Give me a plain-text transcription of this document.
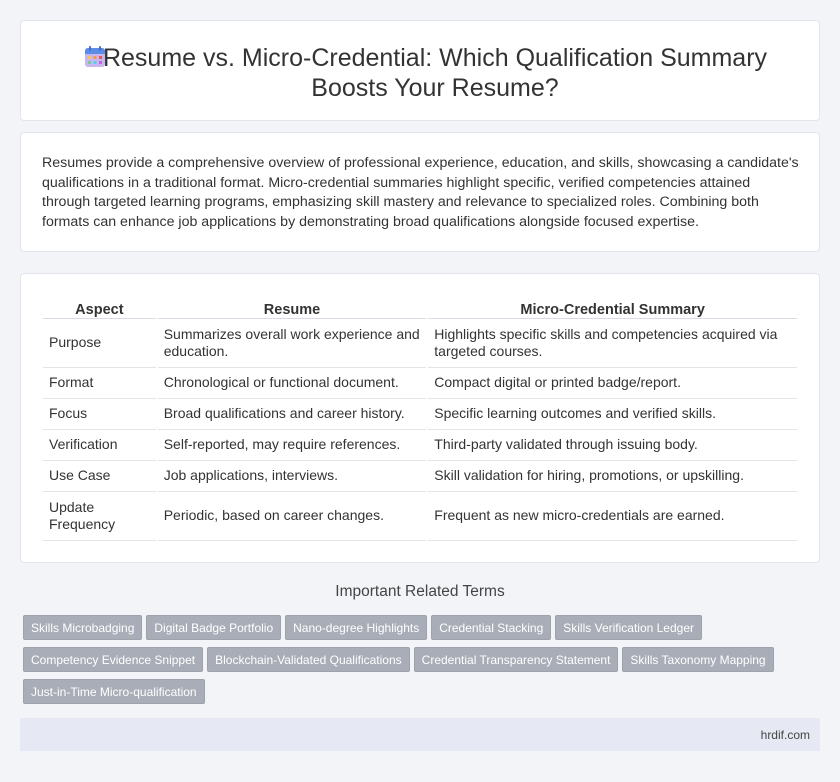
Resume vs. Micro-Credential: Which Qualification Summary Boosts Your Resume?

Resumes provide a comprehensive overview of professional experience, education, and skills, showcasing a candidate's qualifications in a traditional format. Micro-credential summaries highlight specific, verified competencies attained through targeted learning programs, emphasizing skill mastery and relevance to specialized roles. Combining both formats can enhance job applications by demonstrating broad qualifications alongside focused expertise.

Aspect	Resume	Micro-Credential Summary
Purpose	Summarizes overall work experience and education.	Highlights specific skills and competencies acquired via targeted courses.
Format	Chronological or functional document.	Compact digital or printed badge/report.
Focus	Broad qualifications and career history.	Specific learning outcomes and verified skills.
Verification	Self-reported, may require references.	Third-party validated through issuing body.
Use Case	Job applications, interviews.	Skill validation for hiring, promotions, or upskilling.
Update Frequency	Periodic, based on career changes.	Frequent as new micro-credentials are earned.
Important Related Terms
Skills Microbadging Digital Badge Portfolio Nano-degree Highlights Credential Stacking Skills Verification Ledger
Competency Evidence Snippet Blockchain-Validated Qualifications Credential Transparency Statement Skills Taxonomy Mapping
Just-in-Time Micro-qualification
hrdif.com
